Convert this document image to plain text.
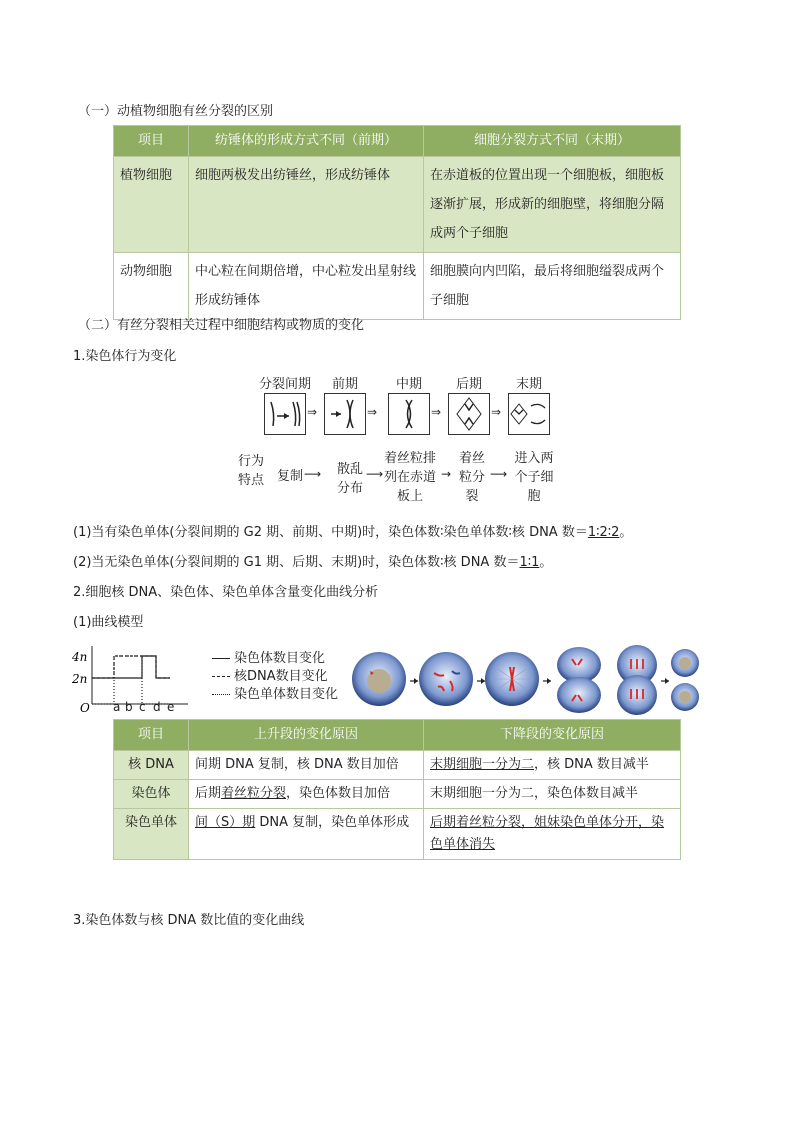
（一）动植物细胞有丝分裂的区别
项目	纺锤体的形成方式不同（前期）	细胞分裂方式不同（末期）
植物细胞	细胞两极发出纺锤丝，形成纺锤体	在赤道板的位置出现一个细胞板，细胞板逐渐扩展，形成新的细胞壁，将细胞分隔成两个子细胞
动物细胞	中心粒在间期倍增，中心粒发出星射线形成纺锤体	细胞膜向内凹陷，最后将细胞缢裂成两个子细胞
（二）有丝分裂相关过程中细胞结构或物质的变化
1.染色体行为变化
分裂间期	前期	中期	后期	末期
⇒	⇒	⇒	⇒
行为
特点 复制 ⟶	散乱
分布
⟶
着丝粒排
列在赤道
板上
→
着丝
粒分
裂
⟶
进入两
个子细
胞
(1)当有染色单体(分裂间期的 G2 期、前期、中期)时，染色体数∶染色单体数∶核 DNA 数＝1∶2∶2。
(2)当无染色单体(分裂间期的 G1 期、后期、末期)时，染色体数∶核 DNA 数＝1∶1。
2.细胞核 DNA、染色体、染色单体含量变化曲线分析
(1)曲线模型
4n
2n
O a b c d e
染色体数目变化
核DNA数目变化
染色单体数目变化
项目	上升段的变化原因	下降段的变化原因
核 DNA	间期 DNA 复制，核 DNA 数目加倍	末期细胞一分为二，核 DNA 数目减半
染色体	后期着丝粒分裂，染色体数目加倍	末期细胞一分为二，染色体数目减半
染色单体	间（S）期 DNA 复制，染色单体形成	后期着丝粒分裂，姐妹染色单体分开，染色单体消失
3.染色体数与核 DNA 数比值的变化曲线
